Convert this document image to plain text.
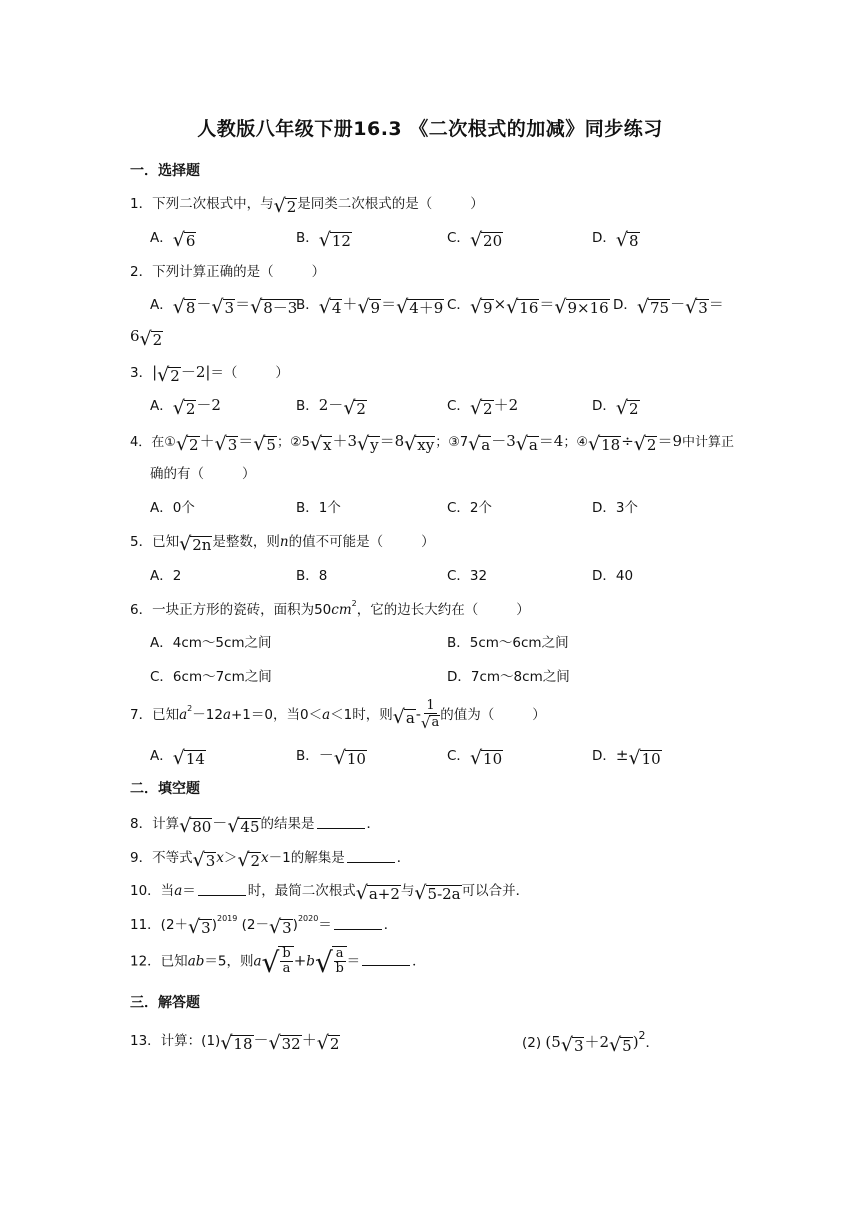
人教版八年级下册16.3 《二次根式的加减》同步练习
一．选择题
1．下列二次根式中，与 √ 2 是同类二次根式的是（	）
A． √ 6	B． √ 12	C． √ 20	D． √ 8
2．下列计算正确的是（	）
A． √ 8 － √ 3 ＝ √ 8－3
B． √ 4 ＋ √ 9 ＝ √ 4＋9 C． √ 9 × √ 16 ＝ √ 9×16 D． √ 75 － √ 3 ＝
6 √ 2
3．| √ 2 －2|＝（	）
A． √ 2 －2	B．2－ √ 2	C． √ 2 ＋2	D． √ 2
4．在① √ 2 ＋ √ 3 ＝ √ 5 ；②5 √ x ＋3 √ y ＝8 √ xy ；③7 √ a －3 √ a ＝4；④ √ 18 ÷ √ 2 ＝9中计算正
确的有（	）
A．0个	B．1个	C．2个	D．3个
5．已知 √ 2n 是整数，则n的值不可能是（	）
A．2	B．8	C．32	D．40
6．一块正方形的瓷砖，面积为$50cm^2$，它的边长大约在（	）
A．4cm～5cm之间	B．5cm～6cm之间
C．6cm～7cm之间	D．7cm～8cm之间
7．已知$a^2-12a+1=0$，当0＜a＜1时，则 √ a - $\frac{1}{√ a}$ 的值为（	）
A． √ 14	B．－ √ 10	C． √ 10	D．± √ 10
二．填空题
8．计算 √ 80 － √ 45 的结果是	．
9．不等式 √ 3 x＞ √ 2 x－1的解集是	．
10．当a＝	时，最简二次根式 √ a+2 与 √ 5-2a 可以合并．
11．(2＋ √ 3 )$^{2019}$ (2－ √ 3 )$^{2020}$＝	．
12．已知ab＝5，则a √ $\frac{b}{a} +b$ √ $\frac{a}{b}$ ＝	．
三．解答题
13．计算：(1) √ 18 － √ 32 ＋ √ 2	(2) (5 √ 3 ＋2 √ 5 )$^2$．
